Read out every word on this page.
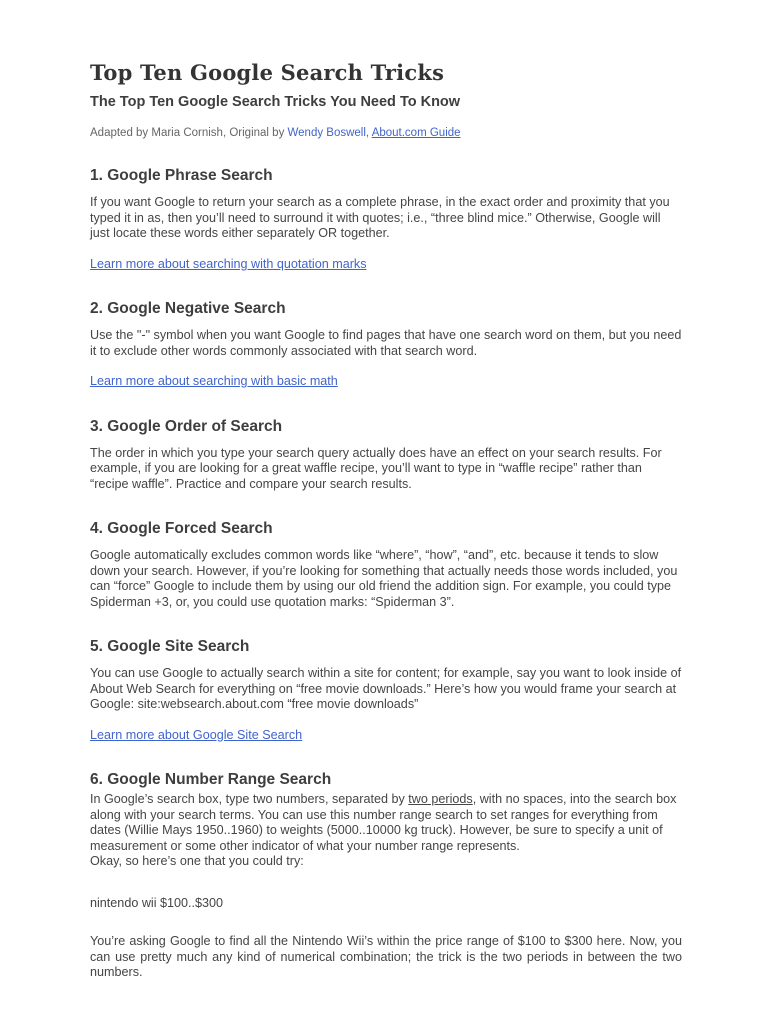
Top Ten Google Search Tricks
The Top Ten Google Search Tricks You Need To Know
Adapted by Maria Cornish, Original by Wendy Boswell, About.com Guide
1. Google Phrase Search

If you want Google to return your search as a complete phrase, in the exact order and proximity that you typed it in as, then you’ll need to surround it with quotes; i.e., “three blind mice.” Otherwise, Google will just locate these words either separately OR together.

Learn more about searching with quotation marks
2. Google Negative Search

Use the "-" symbol when you want Google to find pages that have one search word on them, but you need it to exclude other words commonly associated with that search word.

Learn more about searching with basic math
3. Google Order of Search

The order in which you type your search query actually does have an effect on your search results. For example, if you are looking for a great waffle recipe, you’ll want to type in “waffle recipe” rather than “recipe waffle”. Practice and compare your search results.

4. Google Forced Search

Google automatically excludes common words like “where”, “how”, “and”, etc. because it tends to slow down your search. However, if you’re looking for something that actually needs those words included, you can “force” Google to include them by using our old friend the addition sign. For example, you could type Spiderman +3, or, you could use quotation marks: “Spiderman 3”.

5. Google Site Search

You can use Google to actually search within a site for content; for example, say you want to look inside of About Web Search for everything on “free movie downloads.” Here’s how you would frame your search at Google: site:websearch.about.com “free movie downloads”

Learn more about Google Site Search
6. Google Number Range Search

In Google’s search box, type two numbers, separated by two periods, with no spaces, into the search box along with your search terms. You can use this number range search to set ranges for everything from dates (Willie Mays 1950..1960) to weights (5000..10000 kg truck). However, be sure to specify a unit of measurement or some other indicator of what your number range represents.
Okay, so here’s one that you could try:

nintendo wii $100..$300

You’re asking Google to find all the Nintendo Wii’s within the price range of $100 to $300 here. Now, you can use pretty much any kind of numerical combination; the trick is the two periods in between the two numbers.
